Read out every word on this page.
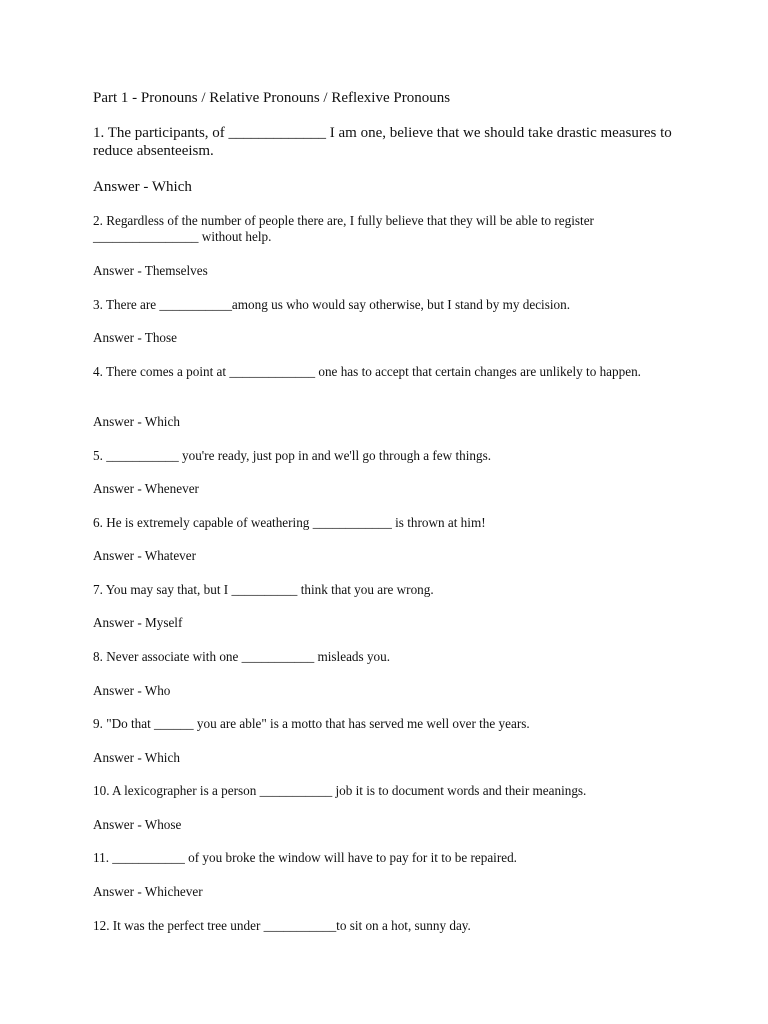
Part 1 - Pronouns / Relative Pronouns / Reflexive Pronouns
1. The participants, of _____________ I am one, believe that we should take drastic measures to reduce absenteeism.
Answer - Which
2. Regardless of the number of people there are, I fully believe that they will be able to register ________________ without help.
Answer - Themselves
3. There are ___________among us who would say otherwise, but I stand by my decision.
Answer - Those
4. There comes a point at _____________ one has to accept that certain changes are unlikely to happen.
Answer - Which
5. ___________ you're ready, just pop in and we'll go through a few things.
Answer - Whenever
6. He is extremely capable of weathering ____________ is thrown at him!
Answer - Whatever
7. You may say that, but I __________ think that you are wrong.
Answer - Myself
8. Never associate with one ___________ misleads you.
Answer - Who
9. "Do that ______ you are able" is a motto that has served me well over the years.
Answer - Which
10. A lexicographer is a person ___________ job it is to document words and their meanings.
Answer - Whose
11. ___________ of you broke the window will have to pay for it to be repaired.
Answer - Whichever
12. It was the perfect tree under ___________to sit on a hot, sunny day.
